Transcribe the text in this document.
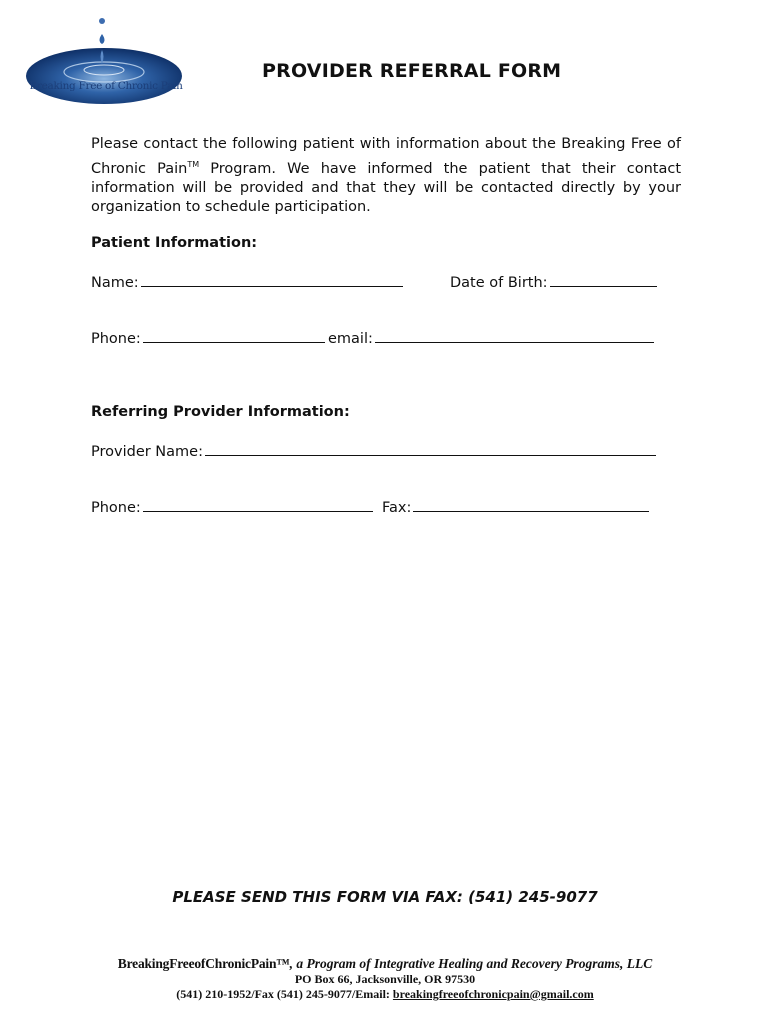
Breaking Free of Chronic Pain
PROVIDER REFERRAL FORM
Please contact the following patient with information about the Breaking Free of Chronic Pain™ Program. We have informed the patient that their contact information will be provided and that they will be contacted directly by your organization to schedule participation.
Patient Information:
Name:	Date of Birth:
Phone:	email:
Referring Provider Information:
Provider Name:
Phone:	Fax:
PLEASE SEND THIS FORM VIA FAX: (541) 245-9077
BreakingFreeofChronicPain™, a Program of Integrative Healing and Recovery Programs, LLC
PO Box 66, Jacksonville, OR 97530
(541) 210-1952/Fax (541) 245-9077/Email: breakingfreeofchronicpain@gmail.com
